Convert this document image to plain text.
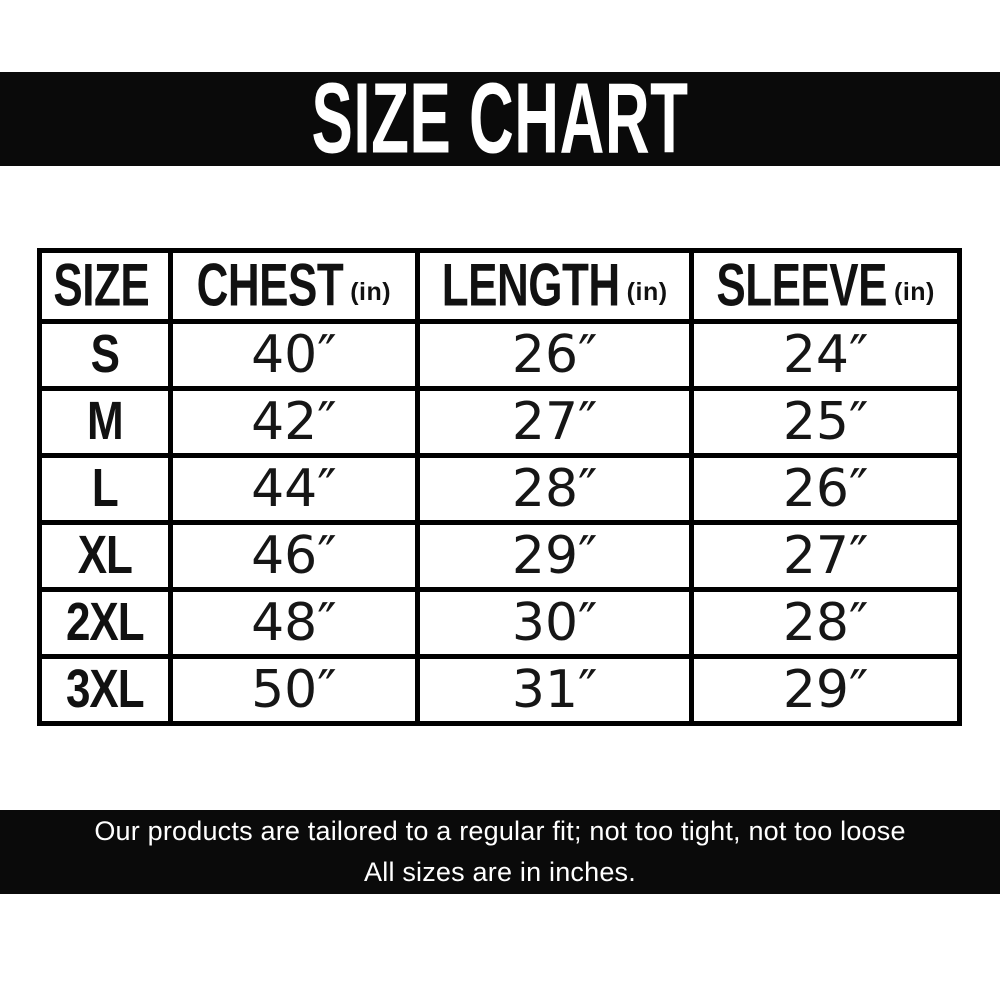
SIZE CHART
SIZE	CHEST (in)	LENGTH (in)	SLEEVE (in)

S	40″	26″	24″
M	42″	27″	25″
L	44″	28″	26″
XL	46″	29″	27″
2XL	48″	30″	28″
3XL	50″	31″	29″
Our products are tailored to a regular fit; not too tight, not too loose
All sizes are in inches.
